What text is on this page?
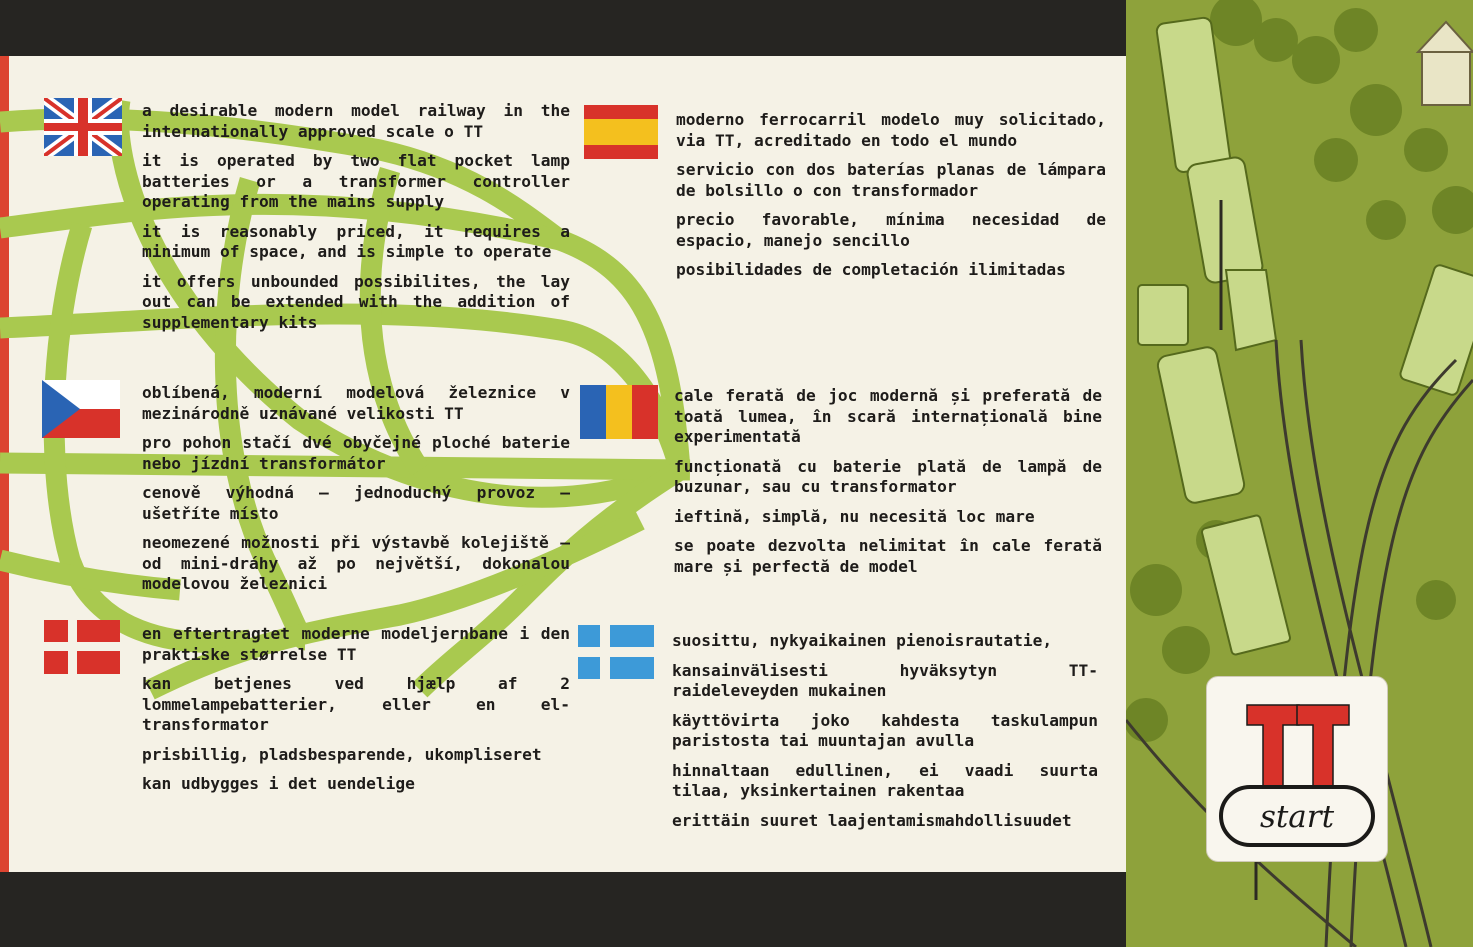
a desirable modern model railway in the internationally approved scale o TT

it is operated by two flat pocket lamp batteries or a transformer controller operating from the mains supply

it is reasonably priced, it requires a minimum of space, and is simple to operate

it offers unbounded possibilites, the lay out can be extended with the addition of supplementary kits

moderno ferrocarril modelo muy solicitado, via TT, acreditado en todo el mundo

servicio con dos baterías planas de lámpara de bolsillo o con transformador

precio favorable, mínima necesidad de espacio, manejo sencillo

posibilidades de completación ilimitadas

oblíbená, moderní modelová železnice v mezinárodně uznávané velikosti TT

pro pohon stačí dvé obyčejné ploché baterie nebo jízdní transformátor

cenově výhodná – jednoduchý provoz – ušetříte místo

neomezené možnosti při výstavbě kolejiště – od mini-dráhy až po největší, dokonalou modelovou železnici

cale ferată de joc modernă și preferată de toată lumea, în scară internațională bine experimentată

funcționată cu baterie plată de lampă de buzunar, sau cu transformator

ieftină, simplă, nu necesită loc mare

se poate dezvolta nelimitat în cale ferată mare și perfectă de model

en eftertragtet moderne modeljernbane i den praktiske størrelse TT

kan betjenes ved hjælp af 2 lommelampebatterier, eller en el-transformator

prisbillig, pladsbesparende, ukompliseret

kan udbygges i det uendelige

suosittu, nykyaikainen pienoisrautatie,

kansainvälisesti hyväksytyn TT-raideleveyden mukainen

käyttövirta joko kahdesta taskulampun paristosta tai muuntajan avulla

hinnaltaan edullinen, ei vaadi suurta tilaa, yksinkertainen rakentaa

erittäin suuret laajentamismahdollisuudet	start
